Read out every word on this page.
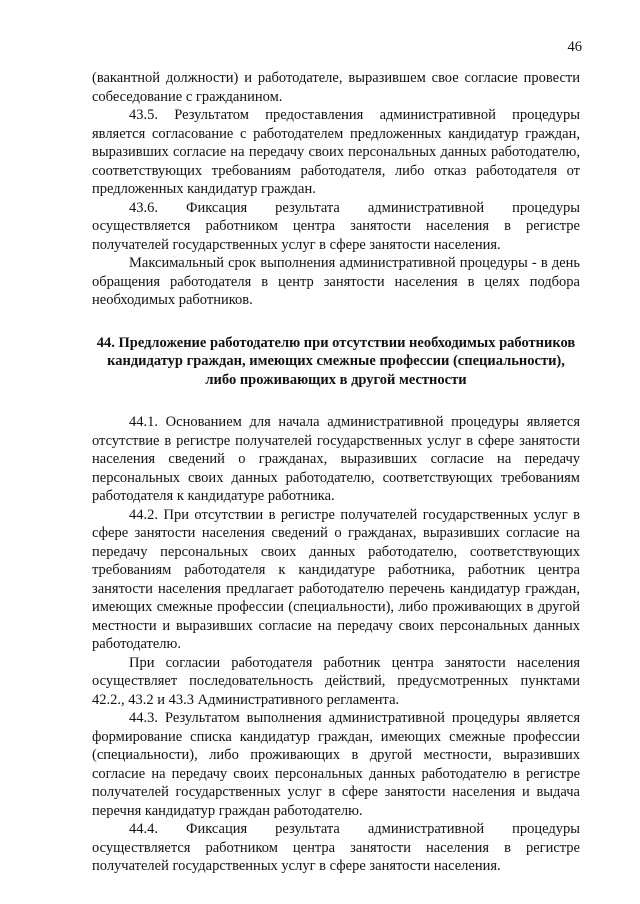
46

(вакантной должности) и работодателе, выразившем свое согласие провести собеседование с гражданином.

43.5. Результатом предоставления административной процедуры является согласование с работодателем предложенных кандидатур граждан, выразивших согласие на передачу своих персональных данных работодателю, соответствующих требованиям работодателя, либо отказ работодателя от предложенных кандидатур граждан.

43.6. Фиксация результата административной процедуры осуществляется работником центра занятости населения в регистре получателей государственных услуг в сфере занятости населения.

Максимальный срок выполнения административной процедуры - в день обращения работодателя в центр занятости населения в целях подбора необходимых работников.

44. Предложение работодателю при отсутствии необходимых работников кандидатур граждан, имеющих смежные профессии (специальности), либо проживающих в другой местности

44.1. Основанием для начала административной процедуры является отсутствие в регистре получателей государственных услуг в сфере занятости населения сведений о гражданах, выразивших согласие на передачу персональных своих данных работодателю, соответствующих требованиям работодателя к кандидатуре работника.

44.2. При отсутствии в регистре получателей государственных услуг в сфере занятости населения сведений о гражданах, выразивших согласие на передачу персональных своих данных работодателю, соответствующих требованиям работодателя к кандидатуре работника, работник центра занятости населения предлагает работодателю перечень кандидатур граждан, имеющих смежные профессии (специальности), либо проживающих в другой местности и выразивших согласие на передачу своих персональных данных работодателю.

При согласии работодателя работник центра занятости населения осуществляет последовательность действий, предусмотренных пунктами 42.2., 43.2 и 43.3 Административного регламента.

44.3. Результатом выполнения административной процедуры является формирование списка кандидатур граждан, имеющих смежные профессии (специальности), либо проживающих в другой местности, выразивших согласие на передачу своих персональных данных работодателю в регистре получателей государственных услуг в сфере занятости населения и выдача перечня кандидатур граждан работодателю.

44.4. Фиксация результата административной процедуры осуществляется работником центра занятости населения в регистре получателей государственных услуг в сфере занятости населения.
